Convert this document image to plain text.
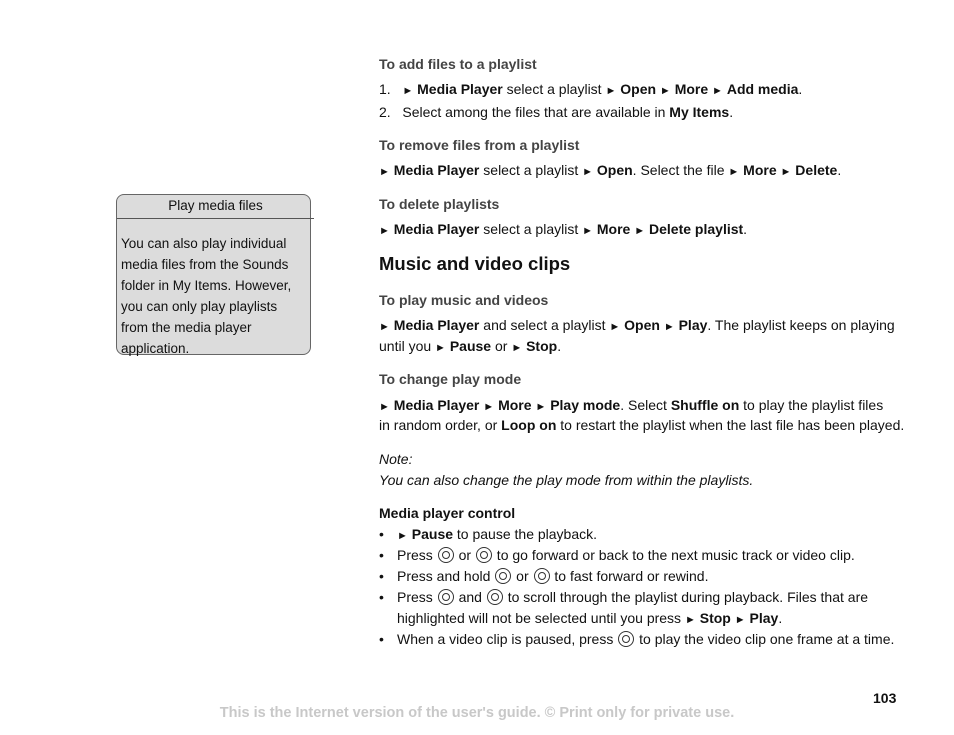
Play media files
You can also play individual media files from the Sounds folder in My Items. However, you can only play playlists from the media player application.
To add files to a playlist
1. ► Media Player select a playlist ► Open ► More ► Add media.
2. Select among the files that are available in My Items.
To remove files from a playlist
► Media Player select a playlist ► Open. Select the file ► More ► Delete.
To delete playlists
► Media Player select a playlist ► More ► Delete playlist.
Music and video clips
To play music and videos
► Media Player and select a playlist ► Open ► Play. The playlist keeps on playing
until you ► Pause or ► Stop.
To change play mode
► Media Player ► More ► Play mode. Select Shuffle on to play the playlist files
in random order, or Loop on to restart the playlist when the last file has been played.
Note:
You can also change the play mode from within the playlists.
Media player control
• ► Pause to pause the playback.
• Press  or  to go forward or back to the next music track or video clip.
• Press and hold  or  to fast forward or rewind.
• Press  and  to scroll through the playlist during playback. Files that are
highlighted will not be selected until you press ► Stop ► Play.
• When a video clip is paused, press  to play the video clip one frame at a time.
103
This is the Internet version of the user's guide. © Print only for private use.
